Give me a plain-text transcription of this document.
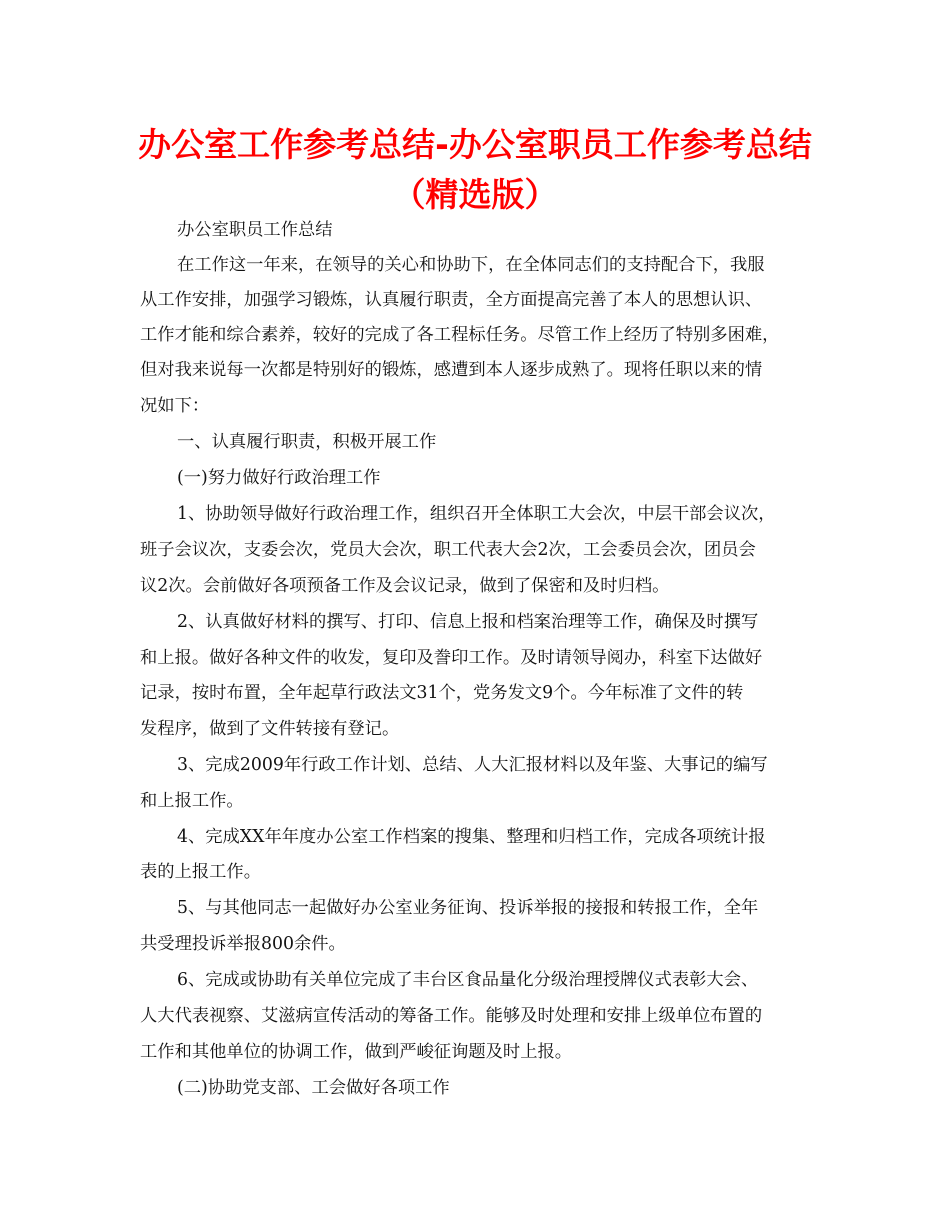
办公室工作参考总结-办公室职员工作参考总结
（精选版）
办公室职员工作总结
在工作这一年来，在领导的关心和协助下，在全体同志们的支持配合下，我服
从工作安排，加强学习锻炼，认真履行职责，全方面提高完善了本人的思想认识、
工作才能和综合素养，较好的完成了各工程标任务。尽管工作上经历了特别多困难，
但对我来说每一次都是特别好的锻炼，感遭到本人逐步成熟了。现将任职以来的情
况如下：
一、认真履行职责，积极开展工作
(一)努力做好行政治理工作
1、协助领导做好行政治理工作，组织召开全体职工大会次，中层干部会议次，
班子会议次，支委会次，党员大会次，职工代表大会2次，工会委员会次，团员会
议2次。会前做好各项预备工作及会议记录，做到了保密和及时归档。
2、认真做好材料的撰写、打印、信息上报和档案治理等工作，确保及时撰写
和上报。做好各种文件的收发，复印及誊印工作。及时请领导阅办，科室下达做好
记录，按时布置，全年起草行政法文31个，党务发文9个。今年标准了文件的转
发程序，做到了文件转接有登记。
3、完成2009年行政工作计划、总结、人大汇报材料以及年鉴、大事记的编写
和上报工作。
4、完成XX年年度办公室工作档案的搜集、整理和归档工作，完成各项统计报
表的上报工作。
5、与其他同志一起做好办公室业务征询、投诉举报的接报和转报工作，全年
共受理投诉举报800余件。
6、完成或协助有关单位完成了丰台区食品量化分级治理授牌仪式表彰大会、
人大代表视察、艾滋病宣传活动的筹备工作。能够及时处理和安排上级单位布置的
工作和其他单位的协调工作，做到严峻征询题及时上报。
(二)协助党支部、工会做好各项工作
